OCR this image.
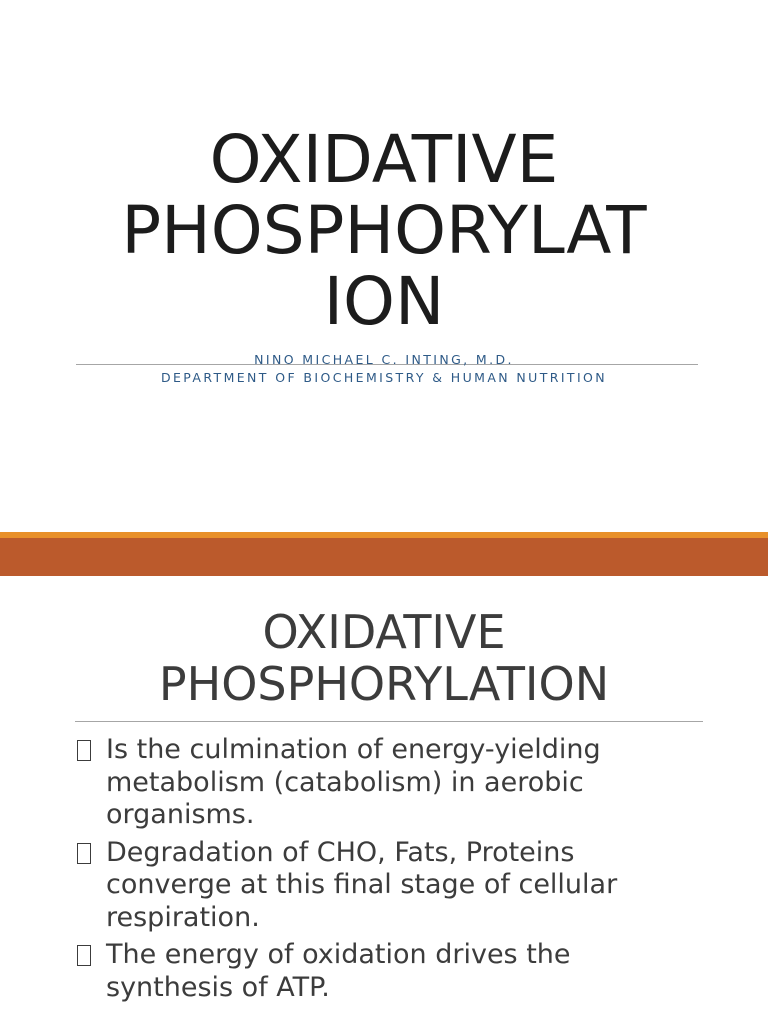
OXIDATIVE
PHOSPHORYLAT
ION
NINO MICHAEL C. INTING, M.D.
DEPARTMENT OF BIOCHEMISTRY & HUMAN NUTRITION
OXIDATIVE
PHOSPHORYLATION
Is the culmination of energy-yielding metabolism (catabolism) in aerobic organisms.
Degradation of CHO, Fats, Proteins converge at this final stage of cellular respiration.
The energy of oxidation drives the synthesis of ATP.
